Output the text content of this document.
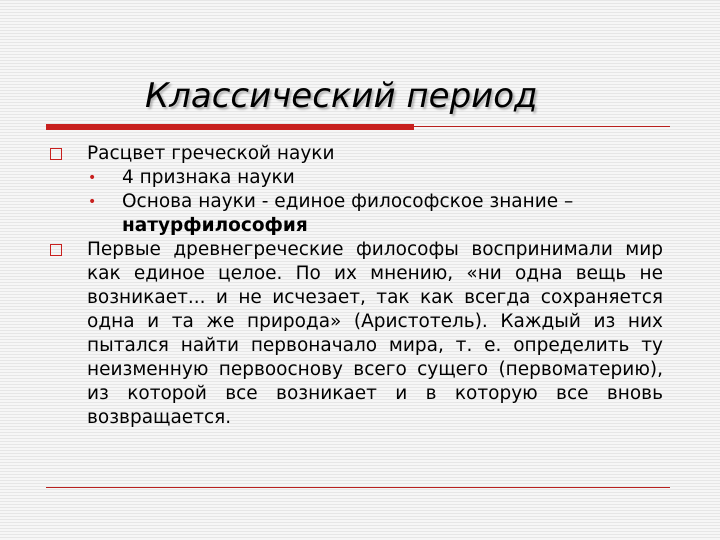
Классический период
Расцвет греческой науки
• 4 признака науки
• Основа науки - единое философское знание – натурфилософия
Первые древнегреческие философы воспринимали мир как единое целое. По их мнению, «ни одна вещь не возникает... и не исчезает, так как всегда сохраняется одна и та же природа» (Аристотель). Каждый из них пытался найти первоначало мира, т. е. определить ту неизменную первооснову всего сущего (первоматерию), из которой все возникает и в которую все вновь возвращается.
